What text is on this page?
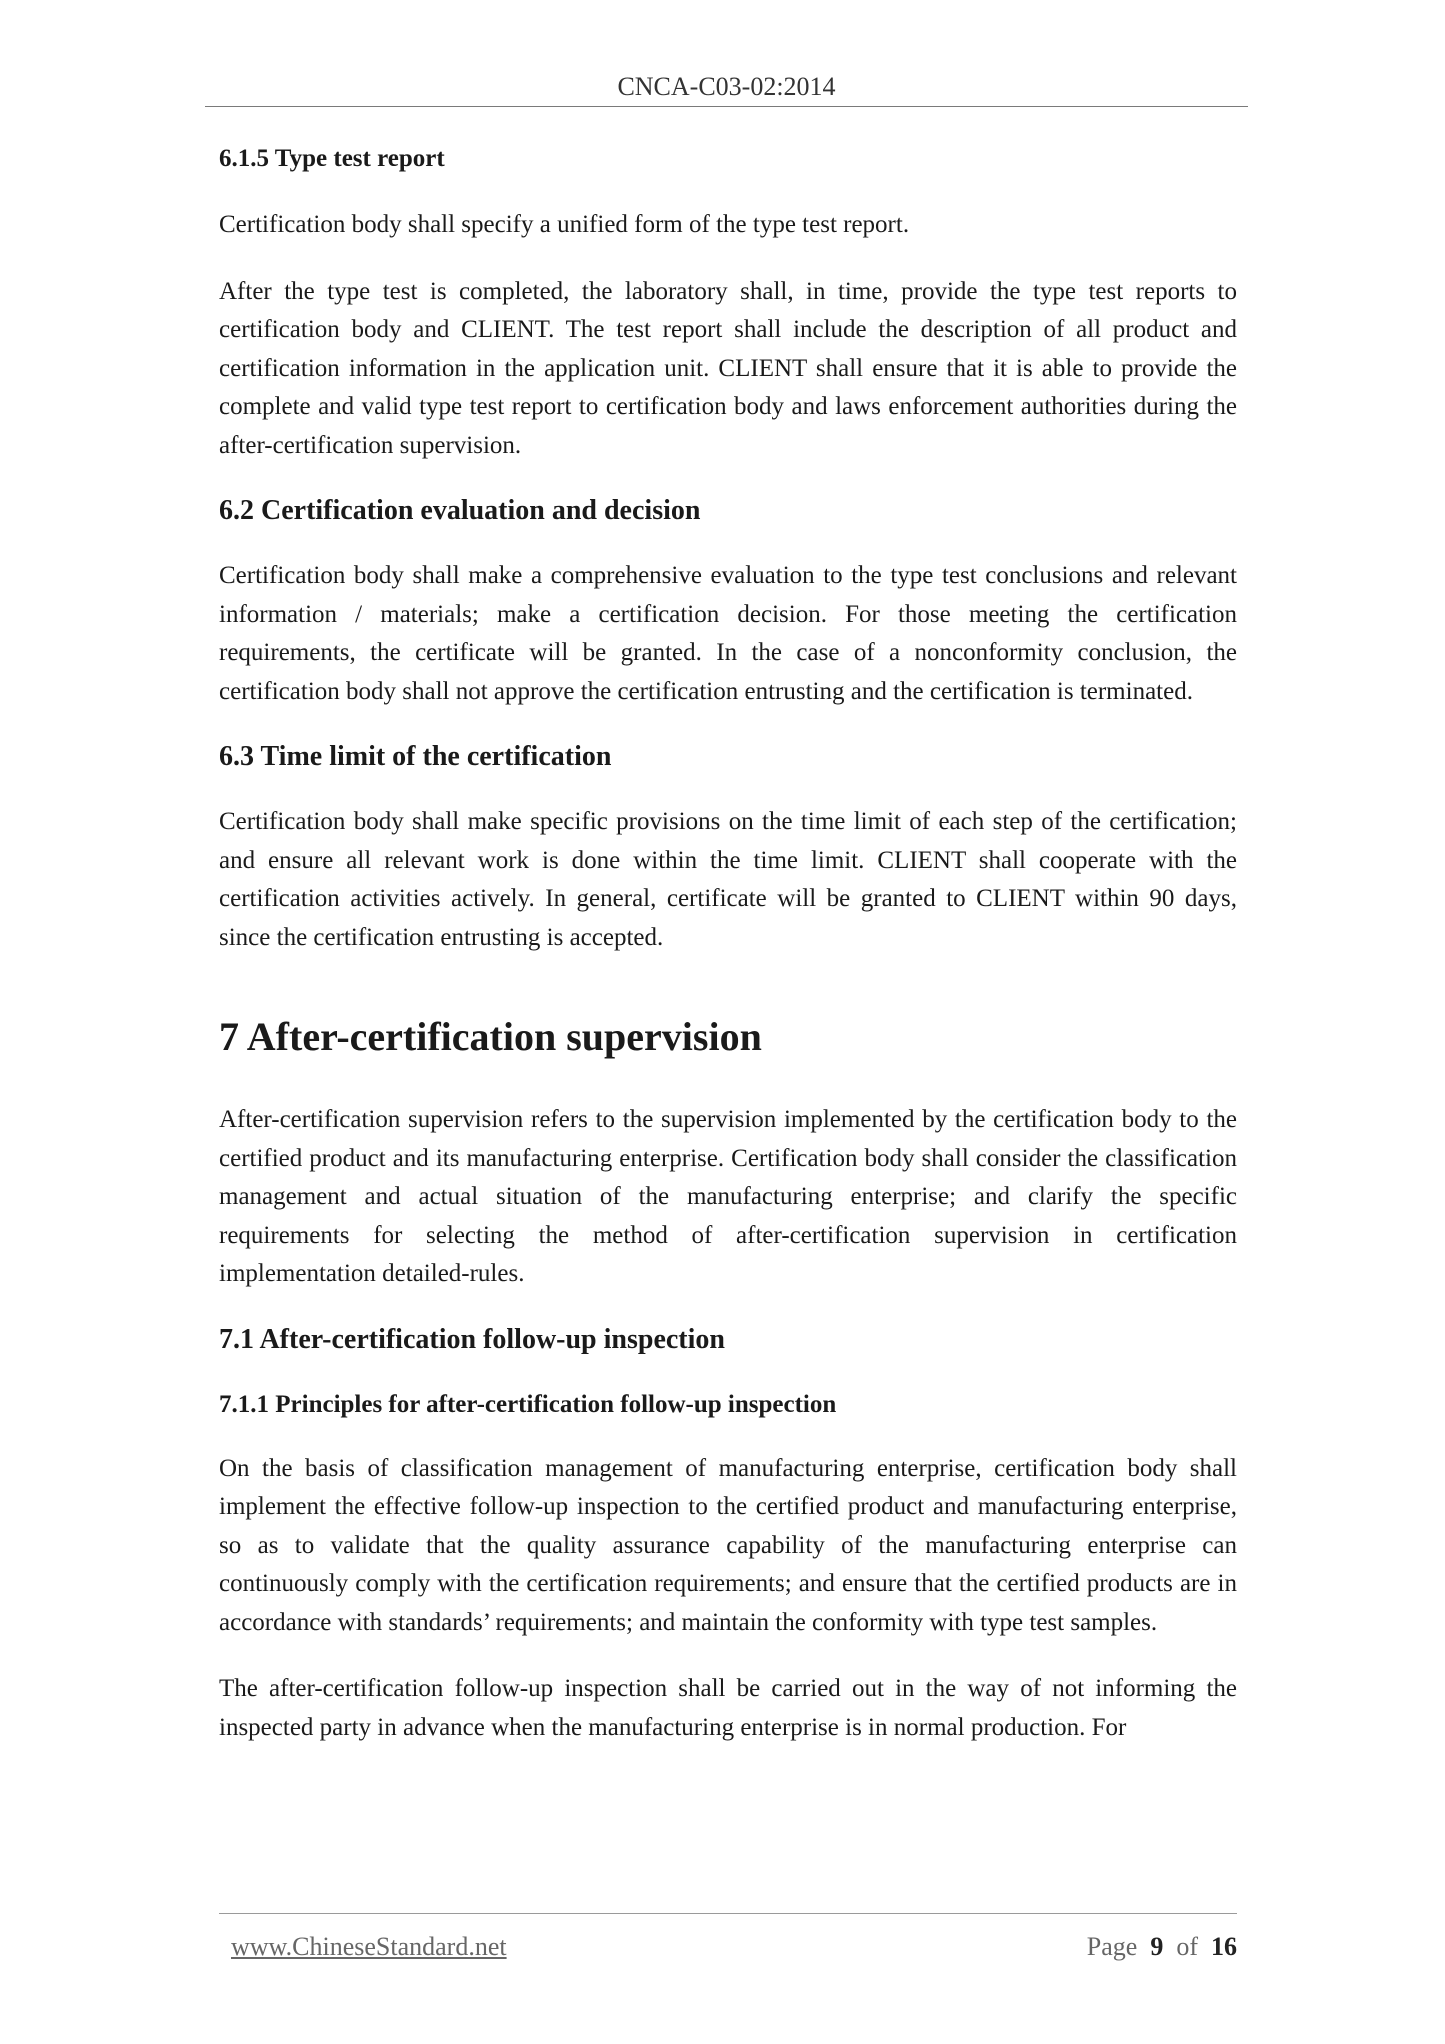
CNCA-C03-02:2014
6.1.5 Type test report

Certification body shall specify a unified form of the type test report.

After the type test is completed, the laboratory shall, in time, provide the type test reports to certification body and CLIENT. The test report shall include the description of all product and certification information in the application unit. CLIENT shall ensure that it is able to provide the complete and valid type test report to certification body and laws enforcement authorities during the after-certification supervision.

6.2 Certification evaluation and decision

Certification body shall make a comprehensive evaluation to the type test conclusions and relevant information / materials; make a certification decision. For those meeting the certification requirements, the certificate will be granted. In the case of a nonconformity conclusion, the certification body shall not approve the certification entrusting and the certification is terminated.

6.3 Time limit of the certification

Certification body shall make specific provisions on the time limit of each step of the certification; and ensure all relevant work is done within the time limit. CLIENT shall cooperate with the certification activities actively. In general, certificate will be granted to CLIENT within 90 days, since the certification entrusting is accepted.

7 After-certification supervision

After-certification supervision refers to the supervision implemented by the certification body to the certified product and its manufacturing enterprise. Certification body shall consider the classification management and actual situation of the manufacturing enterprise; and clarify the specific requirements for selecting the method of after-certification supervision in certification implementation detailed-rules.

7.1 After-certification follow-up inspection
7.1.1 Principles for after-certification follow-up inspection

On the basis of classification management of manufacturing enterprise, certification body shall implement the effective follow-up inspection to the certified product and manufacturing enterprise, so as to validate that the quality assurance capability of the manufacturing enterprise can continuously comply with the certification requirements; and ensure that the certified products are in accordance with standards’ requirements; and maintain the conformity with type test samples.

The after-certification follow-up inspection shall be carried out in the way of not informing the inspected party in advance when the manufacturing enterprise is in normal production. For

www.ChineseStandard.net	Page 9 of 16
